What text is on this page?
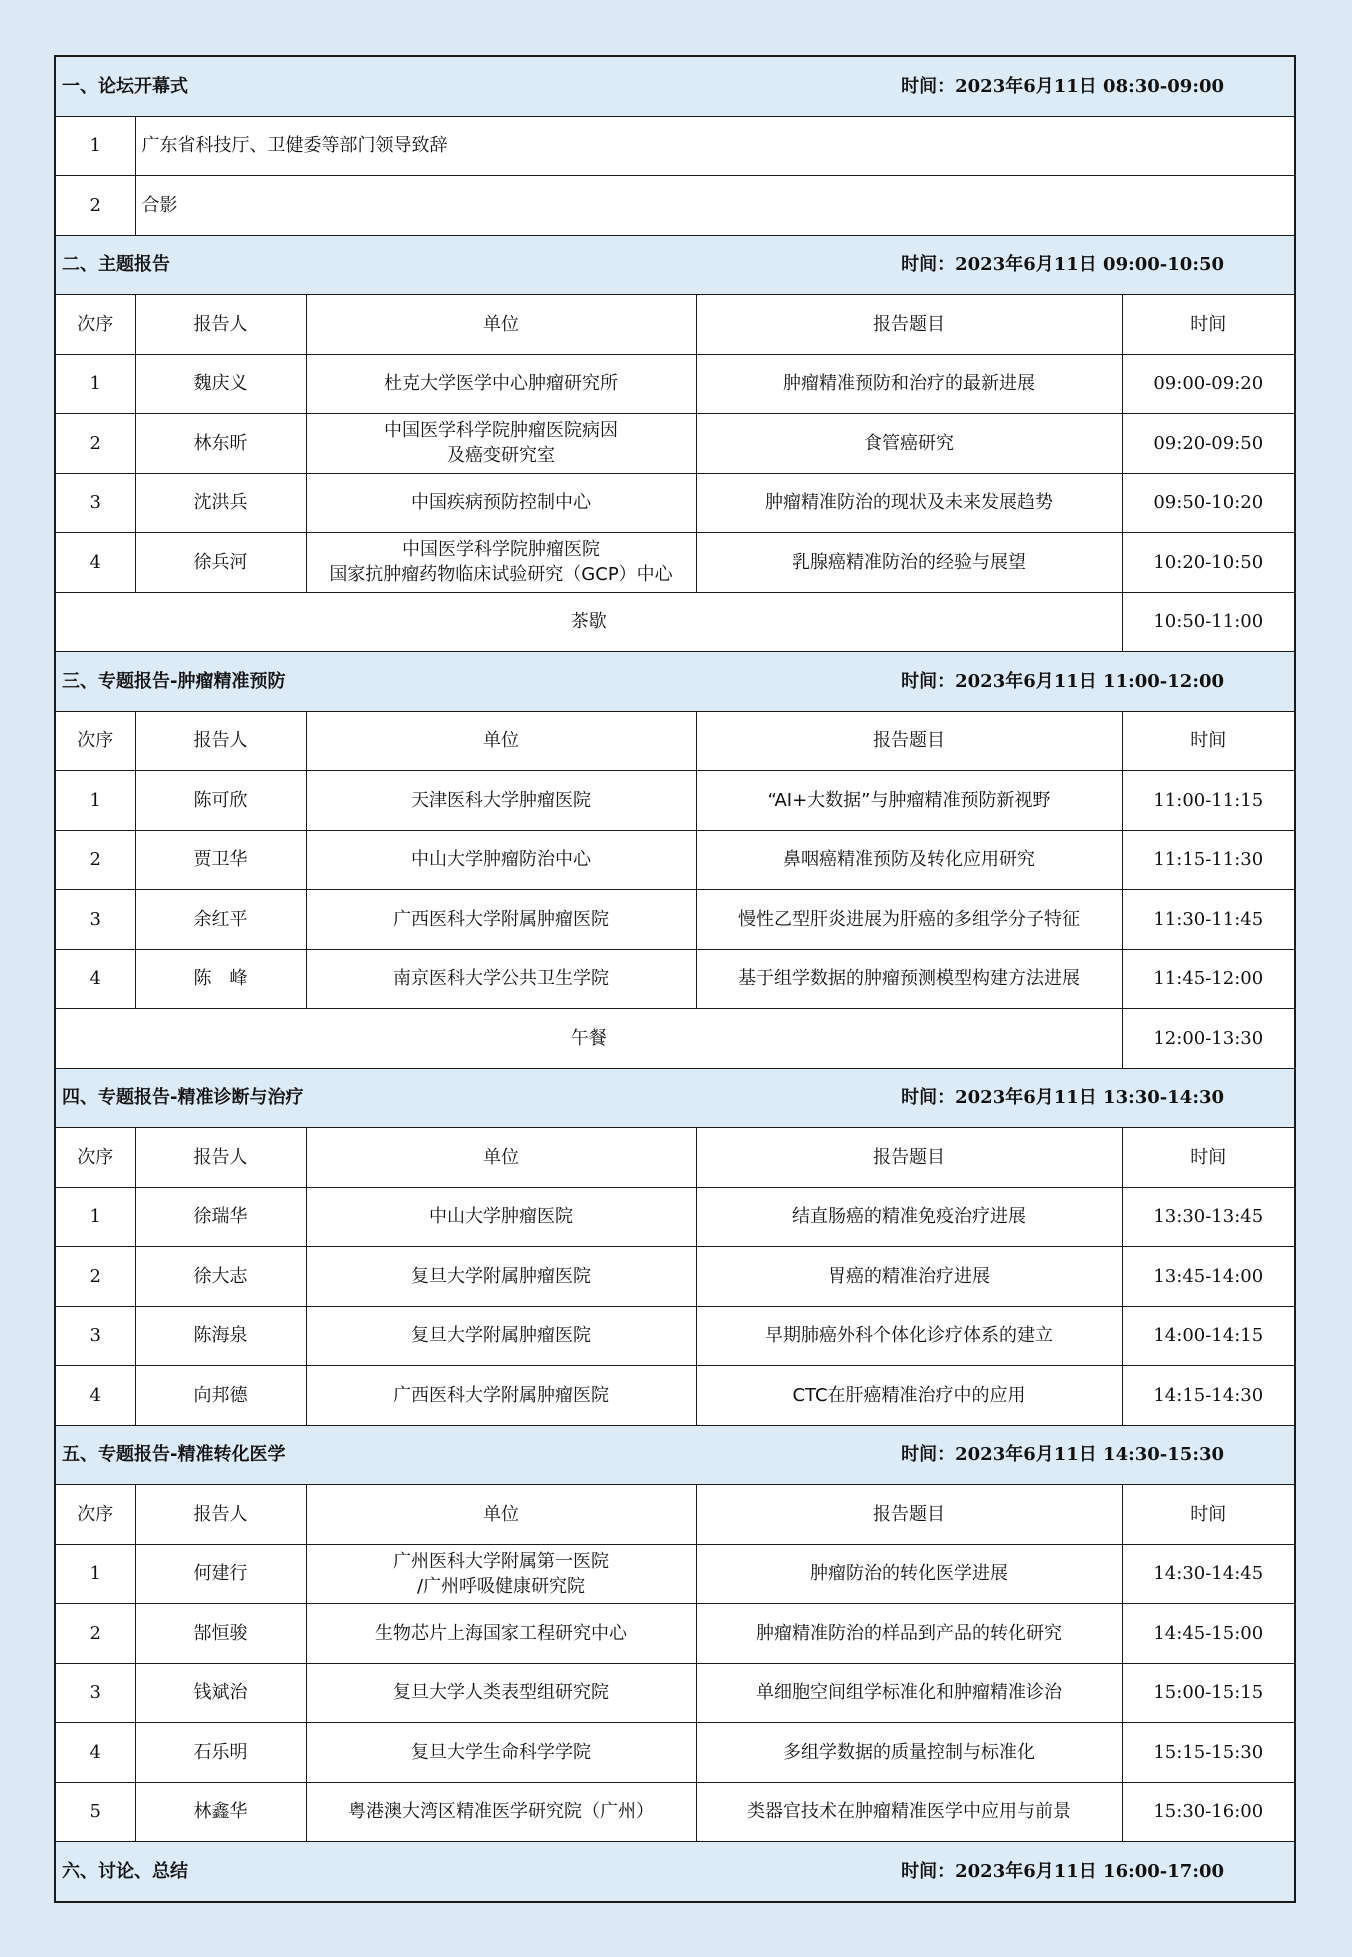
一、论坛开幕式 时间：2023年6月11日 08:30-09:00				

1	广东省科技厅、卫健委等部门领导致辞			
2	合影			

二、主题报告 时间：2023年6月11日 09:00-10:50				

次序	报告人	单位	报告题目	时间
1	魏庆义	杜克大学医学中心肿瘤研究所	肿瘤精准预防和治疗的最新进展	09:00-09:20
2	林东昕	中国医学科学院肿瘤医院病因
及癌变研究室	食管癌研究	09:20-09:50
3	沈洪兵	中国疾病预防控制中心	肿瘤精准防治的现状及未来发展趋势	09:50-10:20
4	徐兵河	中国医学科学院肿瘤医院
国家抗肿瘤药物临床试验研究（GCP）中心	乳腺癌精准防治的经验与展望	10:20-10:50
茶歇				10:50-11:00

三、专题报告-肿瘤精准预防 时间：2023年6月11日 11:00-12:00				

次序	报告人	单位	报告题目	时间
1	陈可欣	天津医科大学肿瘤医院	“AI+大数据”与肿瘤精准预防新视野	11:00-11:15
2	贾卫华	中山大学肿瘤防治中心	鼻咽癌精准预防及转化应用研究	11:15-11:30
3	余红平	广西医科大学附属肿瘤医院	慢性乙型肝炎进展为肝癌的多组学分子特征	11:30-11:45
4	陈　峰	南京医科大学公共卫生学院	基于组学数据的肿瘤预测模型构建方法进展	11:45-12:00
午餐				12:00-13:30

四、专题报告-精准诊断与治疗 时间：2023年6月11日 13:30-14:30				

次序	报告人	单位	报告题目	时间
1	徐瑞华	中山大学肿瘤医院	结直肠癌的精准免疫治疗进展	13:30-13:45
2	徐大志	复旦大学附属肿瘤医院	胃癌的精准治疗进展	13:45-14:00
3	陈海泉	复旦大学附属肿瘤医院	早期肺癌外科个体化诊疗体系的建立	14:00-14:15
4	向邦德	广西医科大学附属肿瘤医院	CTC在肝癌精准治疗中的应用	14:15-14:30

五、专题报告-精准转化医学 时间：2023年6月11日 14:30-15:30				

次序	报告人	单位	报告题目	时间
1	何建行	广州医科大学附属第一医院
/广州呼吸健康研究院	肿瘤防治的转化医学进展	14:30-14:45
2	郜恒骏	生物芯片上海国家工程研究中心	肿瘤精准防治的样品到产品的转化研究	14:45-15:00
3	钱斌治	复旦大学人类表型组研究院	单细胞空间组学标准化和肿瘤精准诊治	15:00-15:15
4	石乐明	复旦大学生命科学学院	多组学数据的质量控制与标准化	15:15-15:30
5	林鑫华	粤港澳大湾区精准医学研究院（广州）	类器官技术在肿瘤精准医学中应用与前景	15:30-16:00

六、讨论、总结 时间：2023年6月11日 16:00-17:00				
